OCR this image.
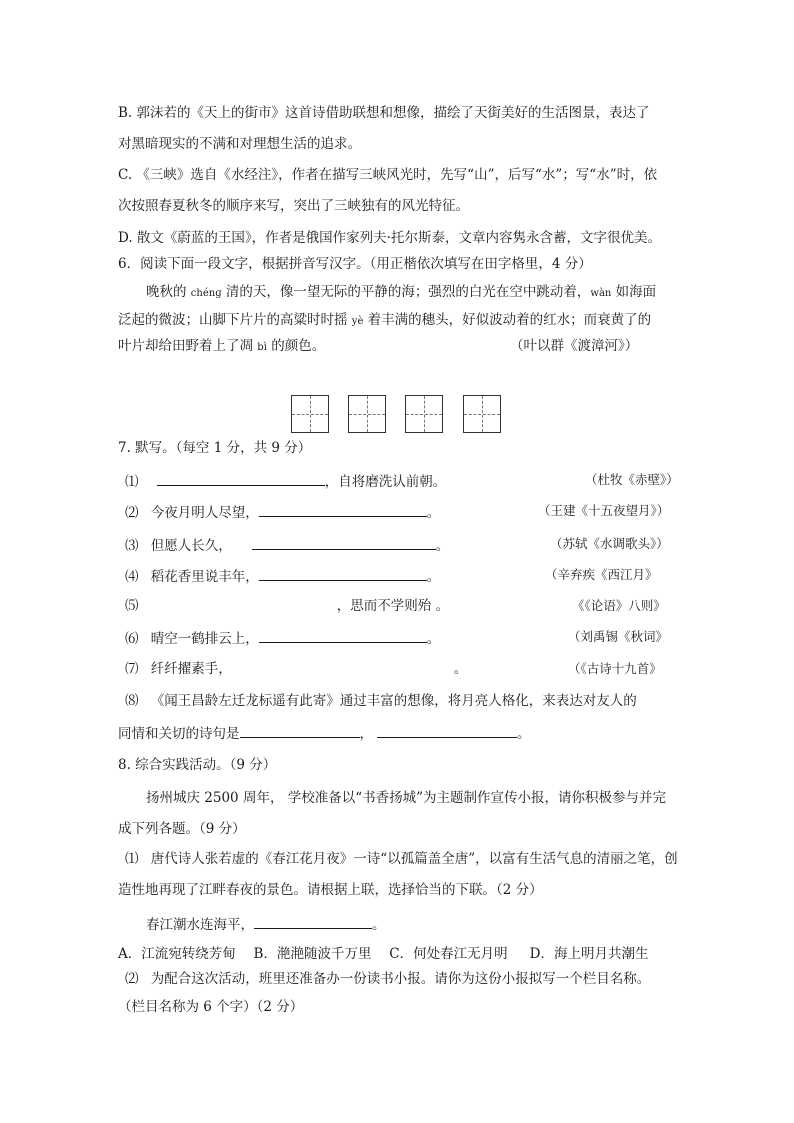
B. 郭沫若的《天上的街市》这首诗借助联想和想像，描绘了天街美好的生活图景，表达了
对黑暗现实的不满和对理想生活的追求。
C. 《三峡》选自《水经注》，作者在描写三峡风光时，先写“山”，后写“水”；写“水”时，依
次按照春夏秋冬的顺序来写，突出了三峡独有的风光特征。
D. 散文《蔚蓝的王国》，作者是俄国作家列夫·托尔斯泰，文章内容隽永含蓄，文字很优美。
6．阅读下面一段文字，根据拼音写汉字。（用正楷依次填写在田字格里，4 分）
晚秋的 chénɡ 清的天，像一望无际的平静的海；强烈的白光在空中跳动着，wàn 如海面
泛起的微波；山脚下片片的高粱时时摇 yè 着丰满的穗头，好似波动着的红水；而衰黄了的
叶片却给田野着上了凋 bì 的颜色。	（叶以群《渡漳河》）
7. 默写。（每空 1 分，共 9 分）
⑴	，自将磨洗认前朝。	（杜牧《赤壁》）
⑵ 今夜月明人尽望，	。	（王建《十五夜望月》）
⑶ 但愿人长久，	。	（苏轼《水调歌头》）
⑷ 稻花香里说丰年，	。	（辛弃疾《西江月》
⑸	，思而不学则殆 。	《《论语》八则》
⑹ 晴空一鹤排云上，	。	（刘禹锡《秋词》
⑺ 纤纤擢素手，	。	（《古诗十九首》
⑻ 《闻王昌龄左迁龙标遥有此寄》通过丰富的想像，将月亮人格化，来表达对友人的
同情和关切的诗句是	，	。
8. 综合实践活动。（9 分）
扬州城庆 2500 周年， 学校准备以“书香扬城”为主题制作宣传小报，请你积极参与并完
成下列各题。（9 分）
⑴ 唐代诗人张若虚的《春江花月夜》一诗“以孤篇盖全唐”，以富有生活气息的清丽之笔，创
造性地再现了江畔春夜的景色。请根据上联，选择恰当的下联。（2 分）
春江潮水连海平，	。
A．江流宛转绕芳甸　 B．滟滟随波千万里　 C．何处春江无月明 　 D．海上明月共潮生
⑵ 为配合这次活动，班里还准备办一份读书小报。请你为这份小报拟写一个栏目名称。
（栏目名称为 6 个字）（2 分）
